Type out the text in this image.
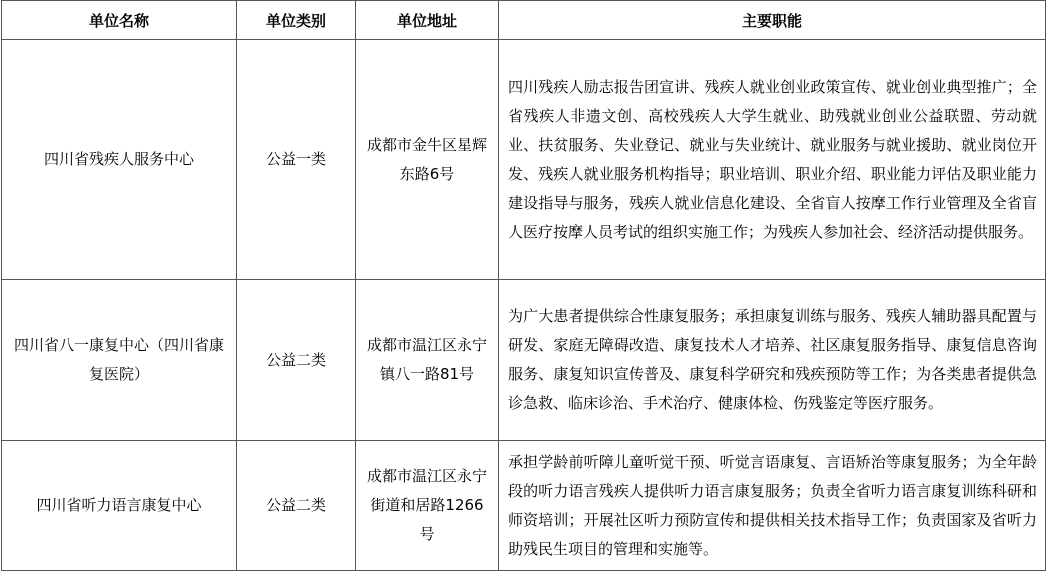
单位名称	单位类别	单位地址	主要职能
四川省残疾人服务中心	公益一类	成都市金牛区星辉东路6号	四川残疾人励志报告团宣讲、残疾人就业创业政策宣传、就业创业典型推广；全省残疾人非遗文创、高校残疾人大学生就业、助残就业创业公益联盟、劳动就业、扶贫服务、失业登记、就业与失业统计、就业服务与就业援助、就业岗位开发、残疾人就业服务机构指导；职业培训、职业介绍、职业能力评估及职业能力建设指导与服务，残疾人就业信息化建设、全省盲人按摩工作行业管理及全省盲人医疗按摩人员考试的组织实施工作；为残疾人参加社会、经济活动提供服务。
四川省八一康复中心（四川省康复医院）	公益二类	成都市温江区永宁镇八一路81号	为广大患者提供综合性康复服务；承担康复训练与服务、残疾人辅助器具配置与研发、家庭无障碍改造、康复技术人才培养、社区康复服务指导、康复信息咨询服务、康复知识宣传普及、康复科学研究和残疾预防等工作；为各类患者提供急诊急救、临床诊治、手术治疗、健康体检、伤残鉴定等医疗服务。
四川省听力语言康复中心	公益二类	成都市温江区永宁街道和居路1266号	承担学龄前听障儿童听觉干预、听觉言语康复、言语矫治等康复服务；为全年龄段的听力语言残疾人提供听力语言康复服务；负责全省听力语言康复训练科研和师资培训；开展社区听力预防宣传和提供相关技术指导工作；负责国家及省听力助残民生项目的管理和实施等。
